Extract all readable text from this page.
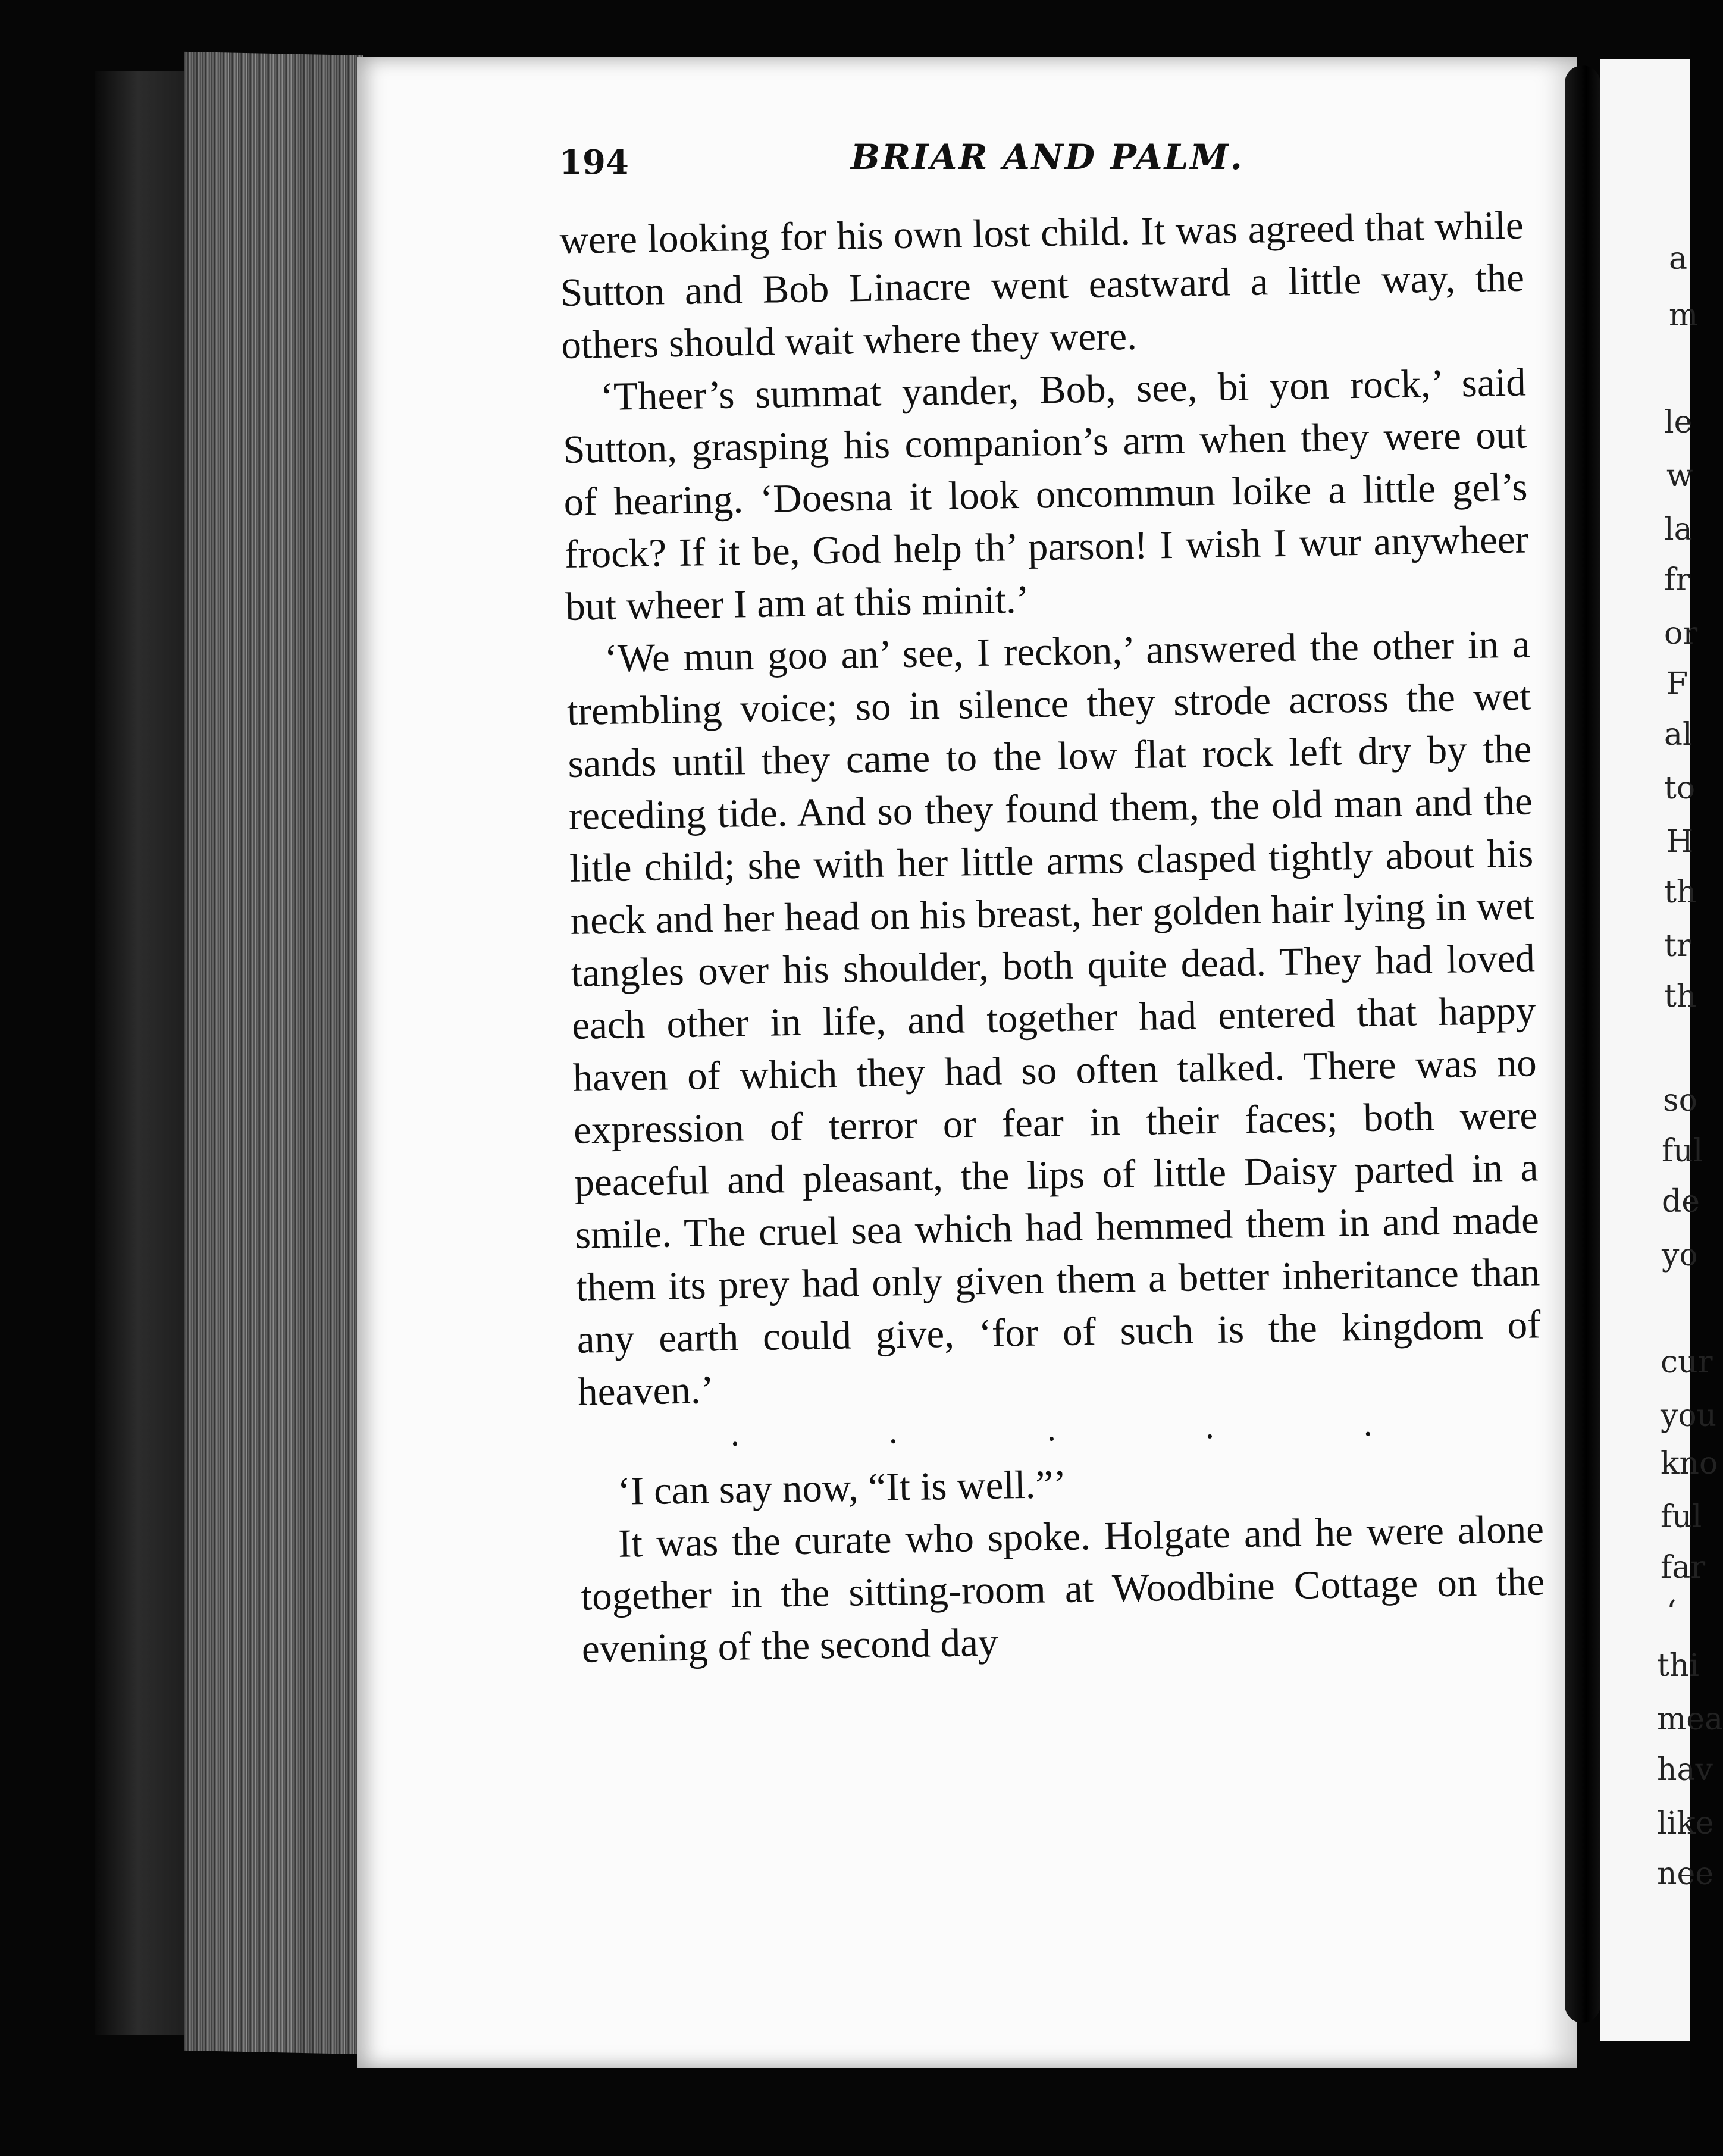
194	BRIAR AND PALM.

were looking for his own lost child. It was agreed that while Sutton and Bob Linacre went eastward a little way, the others should wait where they were.

‘Theer’s summat yander, Bob, see, bi yon rock,’ said Sutton, grasping his companion’s arm when they were out of hearing. ‘Doesna it look oncommun loike a little gel’s frock? If it be, God help th’ parson! I wish I wur anywheer but wheer I am at this minit.’

‘We mun goo an’ see, I reckon,’ answered the other in a trembling voice; so in silence they strode across the wet sands until they came to the low flat rock left dry by the receding tide. And so they found them, the old man and the litle child; she with her little arms clasped tightly about his neck and her head on his breast, her golden hair lying in wet tangles over his shoulder, both quite dead. They had loved each other in life, and together had entered that happy haven of which they had so often talked. There was no expression of terror or fear in their faces; both were peaceful and pleasant, the lips of little Daisy parted in a smile. The cruel sea which had hemmed them in and made them its prey had only given them a better inheritance than any earth could give, ‘for of such is the kingdom of heaven.’

.	.	.	.	.

‘I can say now, “It is well.”’

It was the curate who spoke. Holgate and he were alone together in the sitting-room at Woodbine Cottage on the evening of the second day

a
m
le
w
la
fr
or
F
al
to
H
th
tr
th
so
ful
de
yo
cur
you
kno
ful
far
‘
thi
mea
hav
like
nee
